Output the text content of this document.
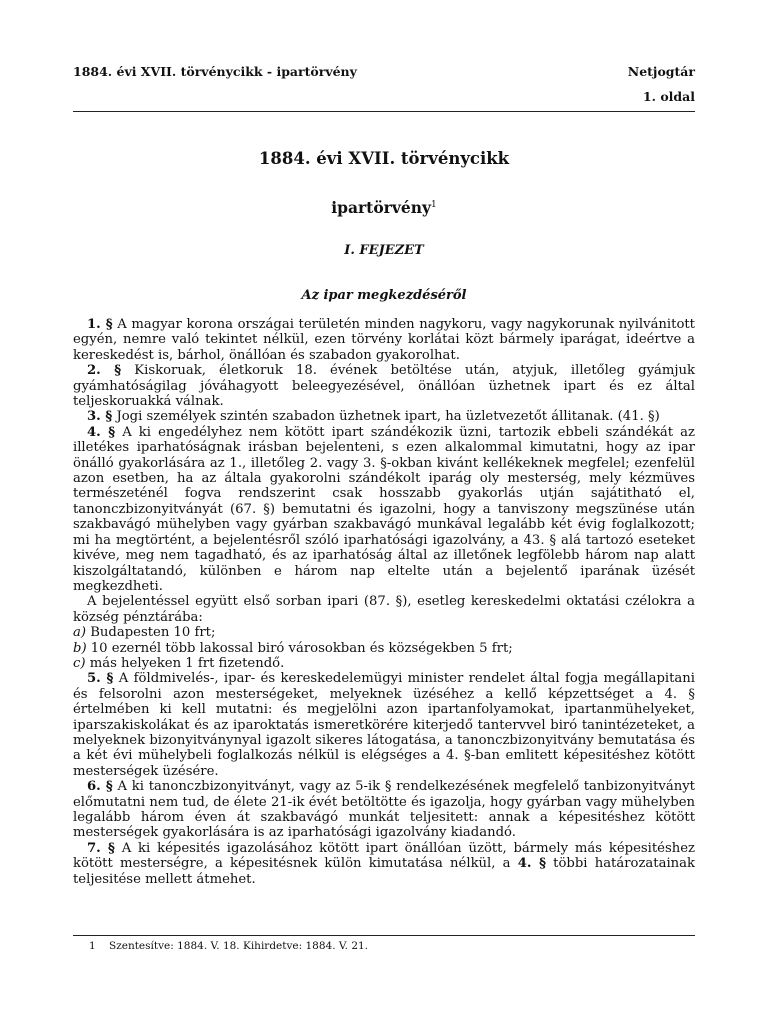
1884. évi XVII. törvénycikk - ipartörvény	Netjogtár
1. oldal
1884. évi XVII. törvénycikk
ipartörvény$^1$
I. FEJEZET
Az ipar megkezdéséről

1. § A magyar korona országai területén minden nagykoru, vagy nagykorunak nyilvánitott egyén, nemre való tekintet nélkül, ezen törvény korlátai közt bármely iparágat, ideértve a kereskedést is, bárhol, önállóan és szabadon gyakorolhat.

2. § Kiskoruak, életkoruk 18. évének betöltése után, atyjuk, illetőleg gyámjuk gyámhatóságilag jóváhagyott beleegyezésével, önállóan üzhetnek ipart és ez által teljeskoruakká válnak.

3. § Jogi személyek szintén szabadon üzhetnek ipart, ha üzletvezetőt állitanak. (41. §)

4. § A ki engedélyhez nem kötött ipart szándékozik üzni, tartozik ebbeli szándékát az illetékes iparhatóságnak irásban bejelenteni, s ezen alkalommal kimutatni, hogy az ipar önálló gyakorlására az 1., illetőleg 2. vagy 3. §-okban kivánt kellékeknek megfelel; ezenfelül azon esetben, ha az általa gyakorolni szándékolt iparág oly mesterség, mely kézmüves természeténél fogva rendszerint csak hosszabb gyakorlás utján sajátitható el, tanonczbizonyitványát (67. §) bemutatni és igazolni, hogy a tanviszony megszünése után szakbavágó mühelyben vagy gyárban szakbavágó munkával legalább két évig foglalkozott; mi ha megtörtént, a bejelentésről szóló iparhatósági igazolvány, a 43. § alá tartozó eseteket kivéve, meg nem tagadható, és az iparhatóság által az illetőnek legfölebb három nap alatt kiszolgáltatandó, különben e három nap eltelte után a bejelentő iparának üzését megkezdheti.

A bejelentéssel együtt első sorban ipari (87. §), esetleg kereskedelmi oktatási czélokra a község pénztárába:

a) Budapesten 10 frt;

b) 10 ezernél több lakossal biró városokban és községekben 5 frt;

c) más helyeken 1 frt fizetendő.

5. § A földmivelés-, ipar- és kereskedelemügyi minister rendelet által fogja megállapitani és felsorolni azon mesterségeket, melyeknek üzéséhez a kellő képzettséget a 4. § értelmében ki kell mutatni: és megjelölni azon ipartanfolyamokat, ipartanmühelyeket, iparszakiskolákat és az iparoktatás ismeretkörére kiterjedő tantervvel biró tanintézeteket, a melyeknek bizonyitványnyal igazolt sikeres látogatása, a tanonczbizonyitvány bemutatása és a két évi mühelybeli foglalkozás nélkül is elégséges a 4. §-ban emlitett képesitéshez kötött mesterségek üzésére.

6. § A ki tanonczbizonyitványt, vagy az 5-ik § rendelkezésének megfelelő tanbizonyitványt előmutatni nem tud, de élete 21-ik évét betöltötte és igazolja, hogy gyárban vagy mühelyben legalább három éven át szakbavágó munkát teljesitett: annak a képesitéshez kötött mesterségek gyakorlására is az iparhatósági igazolvány kiadandó.

7. § A ki képesités igazolásához kötött ipart önállóan üzött, bármely más képesitéshez kötött mesterségre, a képesitésnek külön kimutatása nélkül, a 4. § többi határozatainak teljesitése mellett átmehet.

1 Szentesítve: 1884. V. 18. Kihirdetve: 1884. V. 21.
